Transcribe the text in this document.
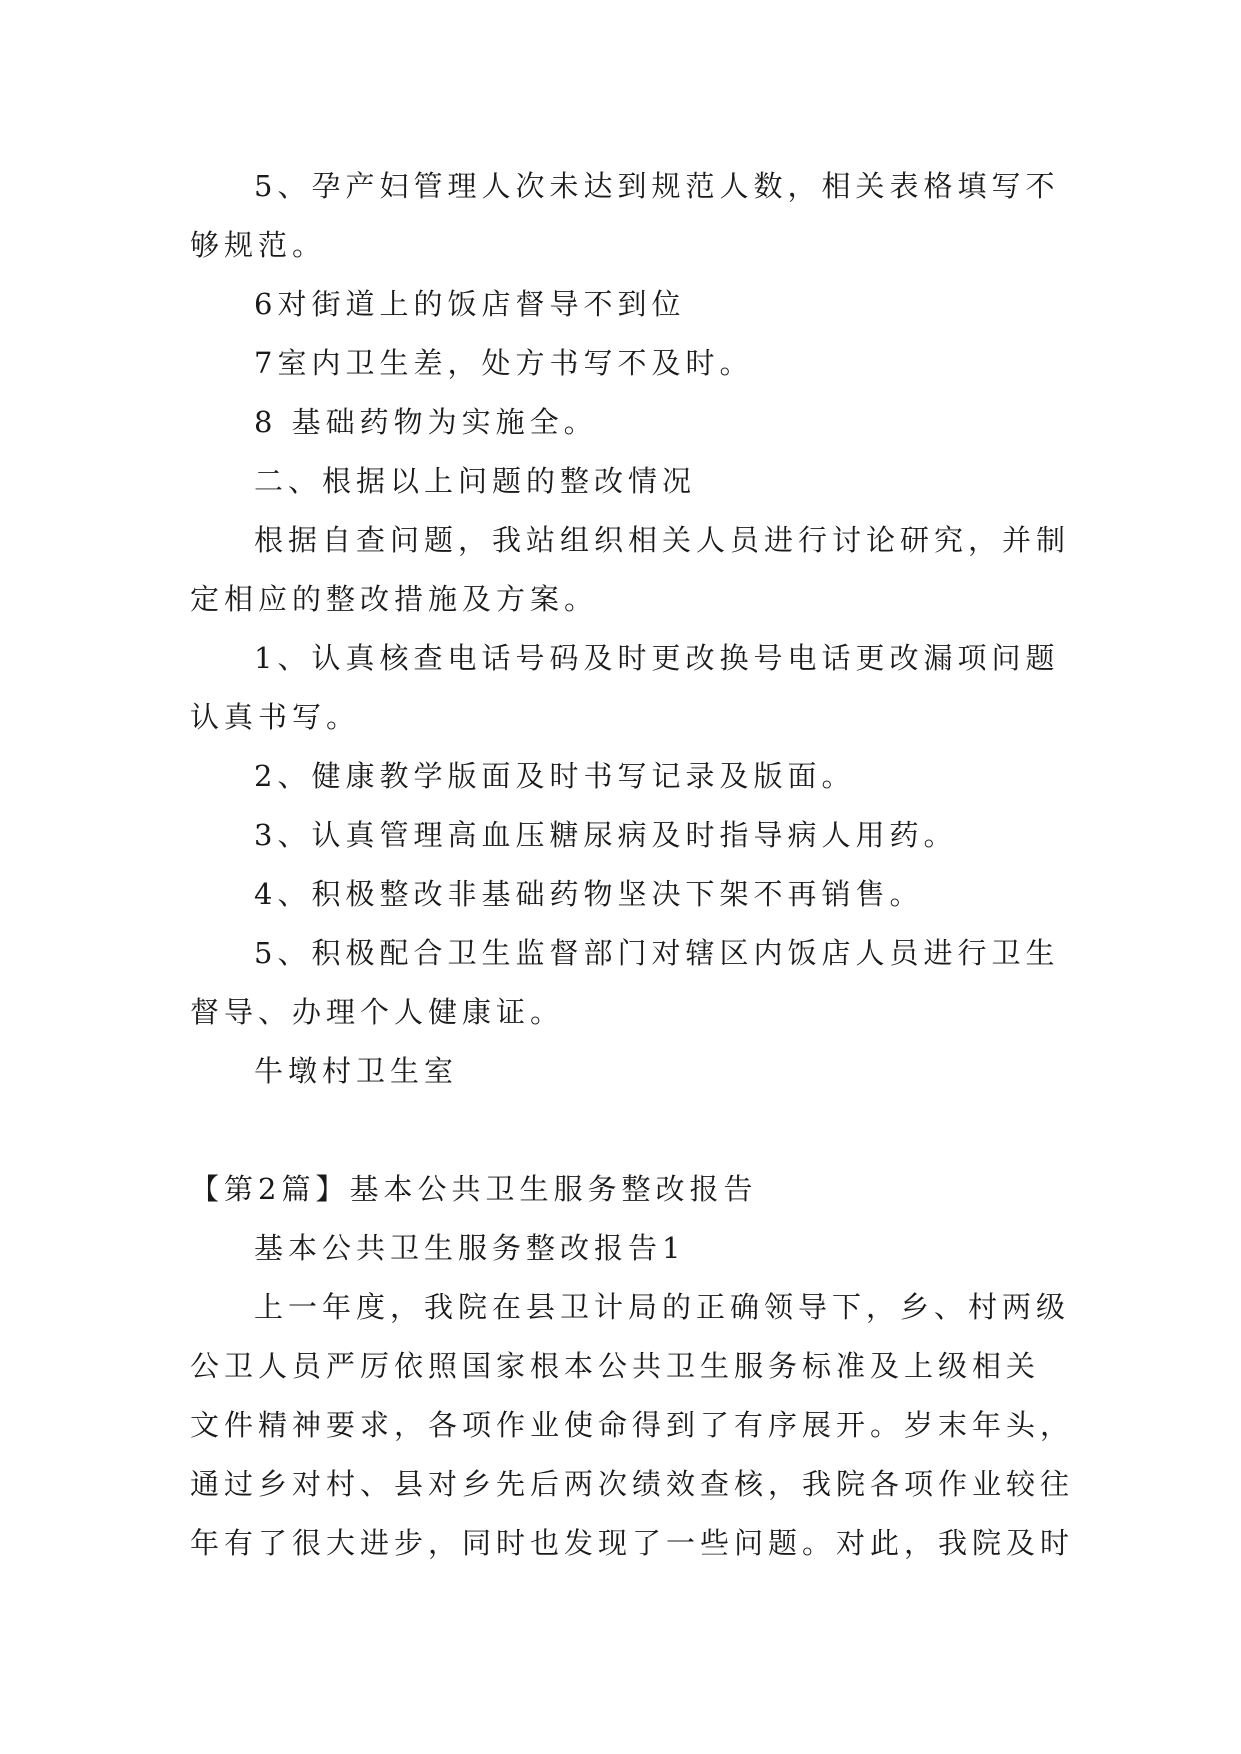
5、孕产妇管理人次未达到规范人数，相关表格填写不
够规范。
6对街道上的饭店督导不到位
7室内卫生差，处方书写不及时。
8 基础药物为实施全。
二、根据以上问题的整改情况
根据自查问题，我站组织相关人员进行讨论研究，并制
定相应的整改措施及方案。
1、认真核查电话号码及时更改换号电话更改漏项问题
认真书写。
2、健康教学版面及时书写记录及版面。
3、认真管理高血压糖尿病及时指导病人用药。
4、积极整改非基础药物坚决下架不再销售。
5、积极配合卫生监督部门对辖区内饭店人员进行卫生
督导、办理个人健康证。
牛墩村卫生室
【第2篇】基本公共卫生服务整改报告
基本公共卫生服务整改报告1
上一年度，我院在县卫计局的正确领导下，乡、村两级
公卫人员严厉依照国家根本公共卫生服务标准及上级相关
文件精神要求，各项作业使命得到了有序展开。岁末年头，
通过乡对村、县对乡先后两次绩效查核，我院各项作业较往
年有了很大进步，同时也发现了一些问题。对此，我院及时
